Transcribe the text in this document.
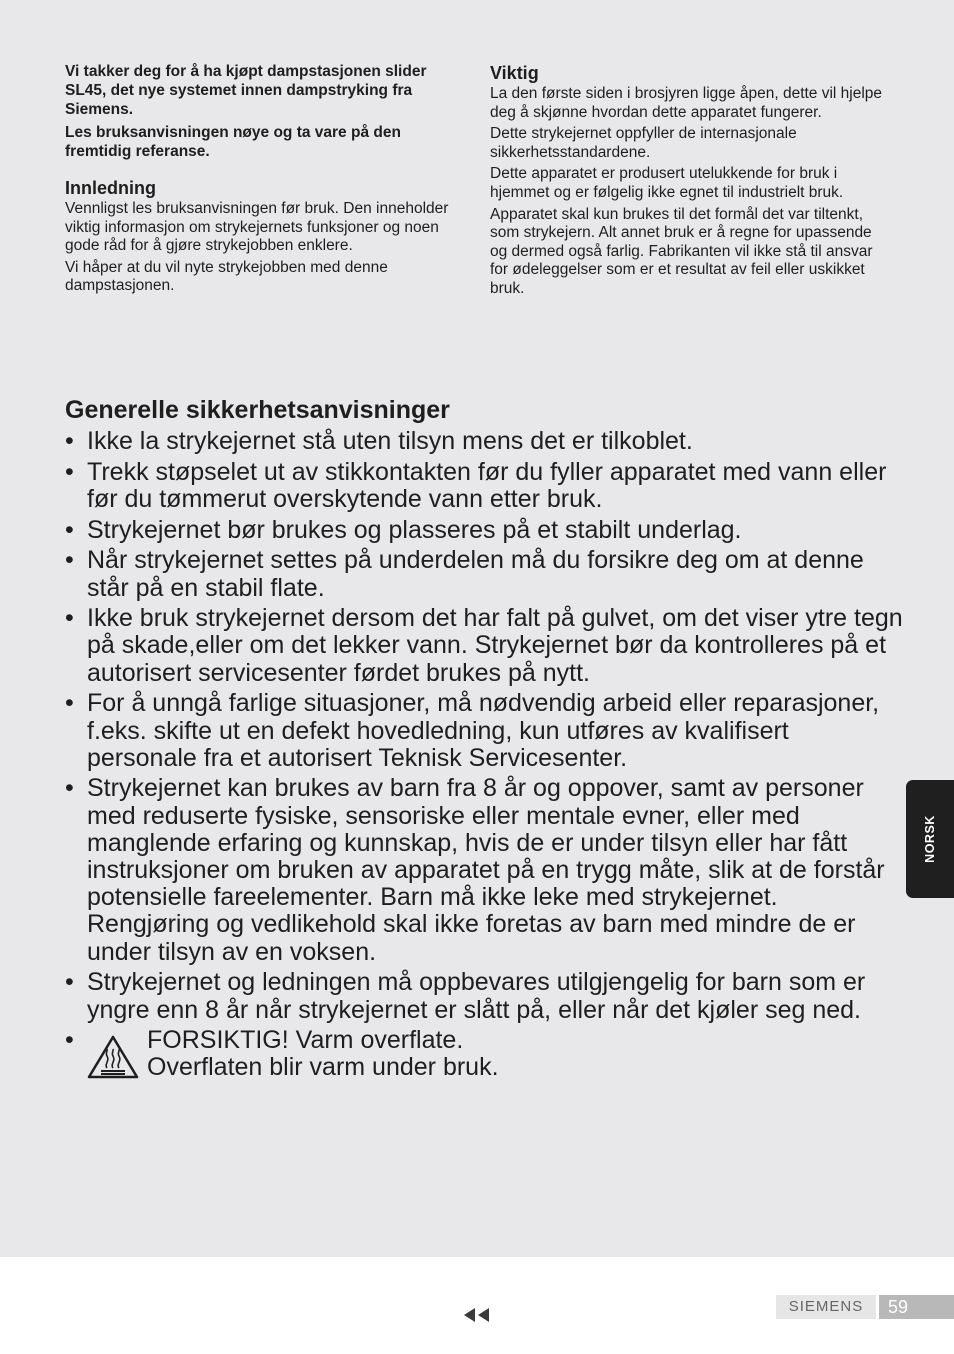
Vi takker deg for å ha kjøpt dampstasjonen slider SL45, det nye systemet innen dampstryking fra Siemens.

Les bruksanvisningen nøye og ta vare på den fremtidig referanse.

Innledning

Vennligst les bruksanvisningen før bruk. Den inneholder viktig informasjon om strykejernets funksjoner og noen gode råd for å gjøre strykejobben enklere.

Vi håper at du vil nyte strykejobben med denne dampstasjonen.

Viktig

La den første siden i brosjyren ligge åpen, dette vil hjelpe deg å skjønne hvordan dette apparatet fungerer.

Dette strykejernet oppfyller de internasjonale sikkerhetsstandardene.

Dette apparatet er produsert utelukkende for bruk i hjemmet og er følgelig ikke egnet til industrielt bruk.

Apparatet skal kun brukes til det formål det var tiltenkt, som strykejern. Alt annet bruk er å regne for upassende og dermed også farlig. Fabrikanten vil ikke stå til ansvar for ødeleggelser som er et resultat av feil eller uskikket bruk.

Generelle sikkerhetsanvisninger
• Ikke la strykejernet stå uten tilsyn mens det er tilkoblet.
• Trekk støpselet ut av stikkontakten før du fyller apparatet med vann eller før du tømmerut overskytende vann etter bruk.
• Strykejernet bør brukes og plasseres på et stabilt underlag.
• Når strykejernet settes på underdelen må du forsikre deg om at denne står på en stabil flate.
• Ikke bruk strykejernet dersom det har falt på gulvet, om det viser ytre tegn på skade,eller om det lekker vann. Strykejernet bør da kontrolleres på et autorisert servicesenter førdet brukes på nytt.
• For å unngå farlige situasjoner, må nødvendig arbeid eller reparasjoner, f.eks. skifte ut en defekt hovedledning, kun utføres av kvalifisert personale fra et autorisert Teknisk Servicesenter.
• Strykejernet kan brukes av barn fra 8 år og oppover, samt av personer med reduserte fysiske, sensoriske eller mentale evner, eller med manglende erfaring og kunnskap, hvis de er under tilsyn eller har fått instruksjoner om bruken av apparatet på en trygg måte, slik at de forstår potensielle fareelementer. Barn må ikke leke med strykejernet. Rengjøring og vedlikehold skal ikke foretas av barn med mindre de er under tilsyn av en voksen.
• Strykejernet og ledningen må oppbevares utilgjengelig for barn som er yngre enn 8 år når strykejernet er slått på, eller når det kjøler seg ned.
•	FORSIKTIG! Varm overflate.
Overflaten blir varm under bruk.
NORSK
SIEMENS	59
